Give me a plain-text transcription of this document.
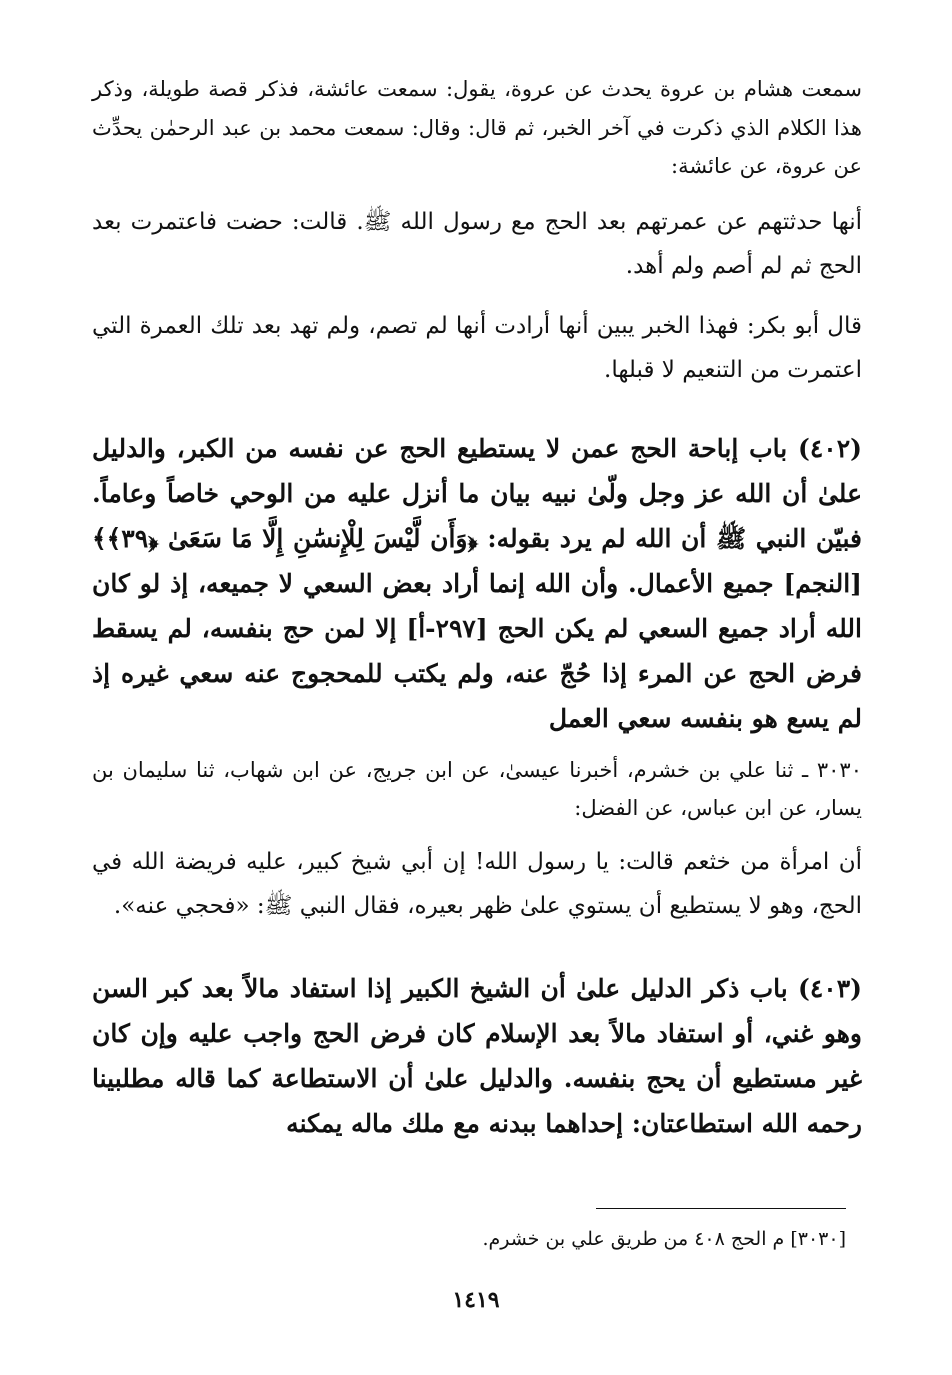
سمعت هشام بن عروة يحدث عن عروة، يقول: سمعت عائشة، فذكر قصة طويلة، وذكر هذا الكلام الذي ذكرت في آخر الخبر، ثم قال: وقال: سمعت محمد بن عبد الرحمٰن يحدِّث عن عروة، عن عائشة:

أنها حدثتهم عن عمرتهم بعد الحج مع رسول الله ﷺ. قالت: حضت فاعتمرت بعد الحج ثم لم أصم ولم أهد.

قال أبو بكر: فهذا الخبر يبين أنها أرادت أنها لم تصم، ولم تهد بعد تلك العمرة التي اعتمرت من التنعيم لا قبلها.

(٤٠٢) باب إباحة الحج عمن لا يستطيع الحج عن نفسه من الكبر، والدليل علىٰ أن الله عز وجل ولّىٰ نبيه بيان ما أنزل عليه من الوحي خاصاً وعاماً. فبيّن النبي ﷺ أن الله لم يرد بقوله: ﴿وَأَن لَّيْسَ لِلْإِنسَٰنِ إِلَّا مَا سَعَىٰ ﴿٣٩﴾﴾ [النجم] جميع الأعمال. وأن الله إنما أراد بعض السعي لا جميعه، إذ لو كان الله أراد جميع السعي لم يكن الحج [٢٩٧-أ] إلا لمن حج بنفسه، لم يسقط فرض الحج عن المرء إذا حُجّ عنه، ولم يكتب للمحجوج عنه سعي غيره إذ لم يسع هو بنفسه سعي العمل

٣٠٣٠ ـ ثنا علي بن خشرم، أخبرنا عيسىٰ، عن ابن جريج، عن ابن شهاب، ثنا سليمان بن يسار، عن ابن عباس، عن الفضل:

أن امرأة من خثعم قالت: يا رسول الله! إن أبي شيخ كبير، عليه فريضة الله في الحج، وهو لا يستطيع أن يستوي علىٰ ظهر بعيره، فقال النبي ﷺ: «فحجي عنه».

(٤٠٣) باب ذكر الدليل علىٰ أن الشيخ الكبير إذا استفاد مالاً بعد كبر السن وهو غني، أو استفاد مالاً بعد الإسلام كان فرض الحج واجب عليه وإن كان غير مستطيع أن يحج بنفسه. والدليل علىٰ أن الاستطاعة كما قاله مطلبينا رحمه الله استطاعتان: إحداهما ببدنه مع ملك ماله يمكنه

[٣٠٣٠] م الحج ٤٠٨ من طريق علي بن خشرم.
١٤١٩
